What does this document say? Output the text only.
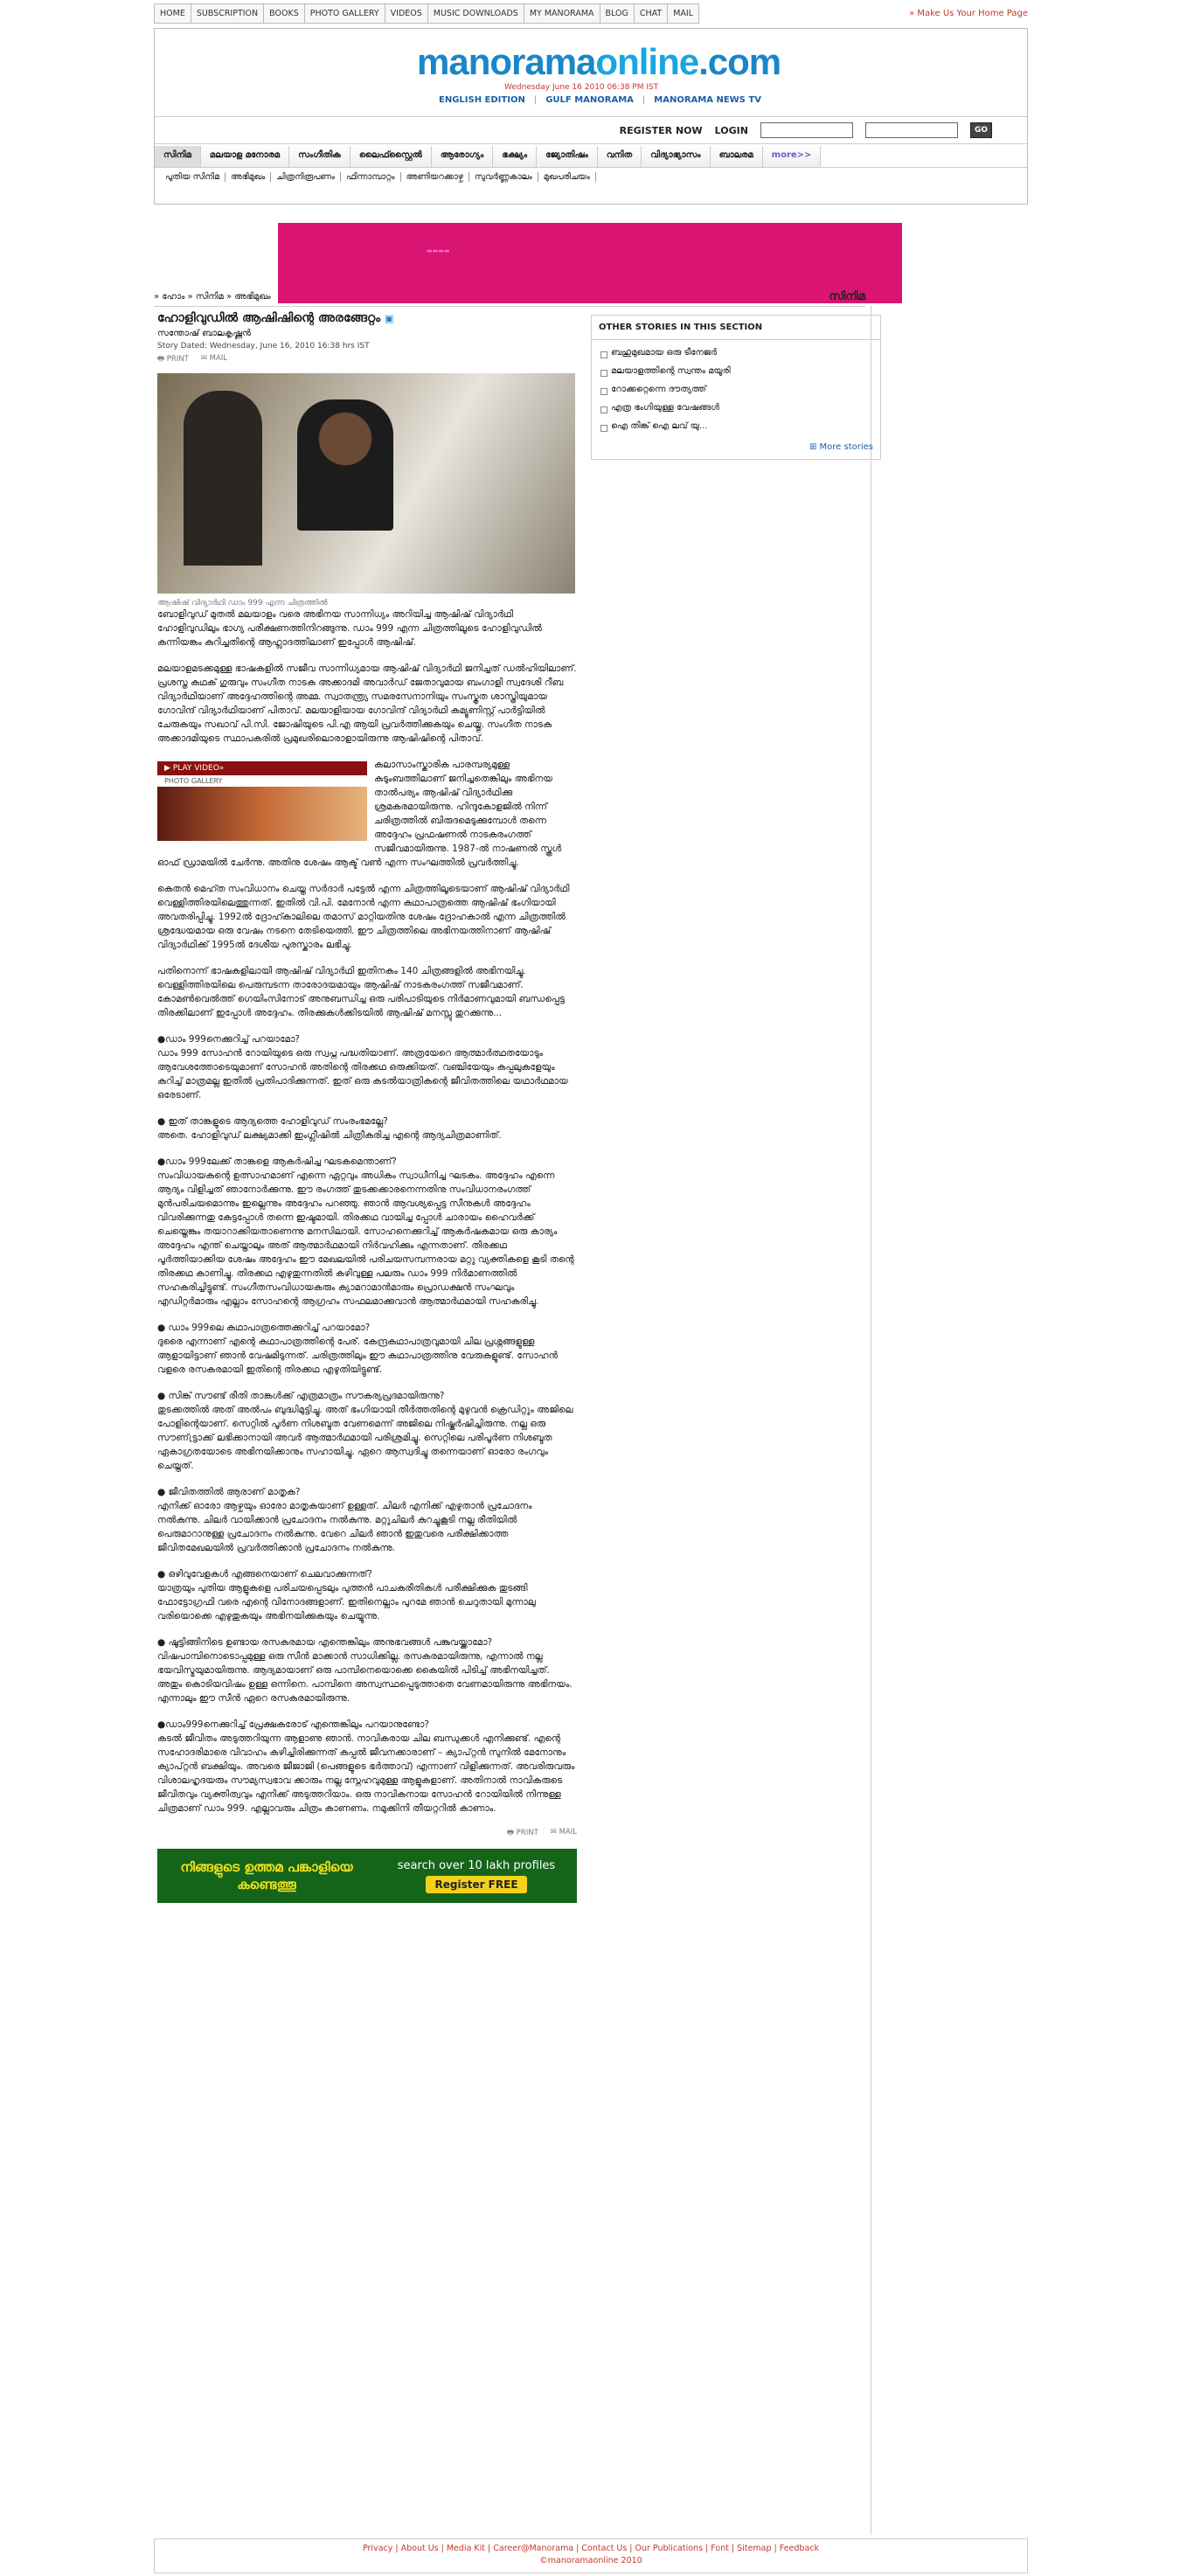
HOME	SUBSCRIPTION	BOOKS	PHOTO GALLERY	VIDEOS	MUSIC DOWNLOADS	MY MANORAMA	BLOG	CHAT	MAIL	» Make Us Your Home Page
manoramaonline.com
Wednesday June 16 2010 06:38 PM IST
ENGLISH EDITION | GULF MANORAMA | MANORAMA NEWS TV
REGISTER NOW LOGIN	GO
സിനിമ	മലയാള മനോരമ	സംഗീതിക	ലൈഫ്സ്റ്റൈൽ	ആരോഗ്യം	ഭക്ഷ്യം	ജ്യോതിഷം	വനിത	വിദ്യാഭ്യാസം	ബാലരമ	more>>
പുതിയ സിനിമ	അഭിമുഖം	ചിത്രനിരൂപണം	ഫിന്നാമ്പാറ്റം	അണിയറക്കാഴ്ച	സുവർണ്ണകാലം	മുഖപരിചയം
▬▬▬▬
» ഹോം » സിനിമ » അഭിമുഖം	സിനിമ
ഹോളിവുഡിൽ ആഷിഷിന്റെ അരങ്ങേറ്റം ▣
സന്തോഷ് ബാലകൃഷ്ണൻ
Story Dated: Wednesday, June 16, 2010 16:38 hrs IST
🖶 PRINT ✉ MAIL
ആഷിഷ് വിദ്യാർഥി ഡാം 999 എന്ന ചിത്രത്തിൽ

ബോളിവുഡ് മുതൽ മലയാളം വരെ അഭിനയ സാന്നിധ്യം അറിയിച്ച ആഷിഷ് വിദ്യാർഥി ഹോളിവുഡിലും ഭാഗ്യ പരീക്ഷണത്തിനിറങ്ങുന്നു. ഡാം 999 എന്ന ചിത്രത്തിലൂടെ ഹോളിവുഡിൽ കന്നിയങ്കം കുറിച്ചതിന്റെ ആഹ്ലാദത്തിലാണ് ഇപ്പോൾ ആഷിഷ്.

മലയാളമടക്കമുള്ള ഭാഷകളിൽ സജീവ സാന്നിധ്യമായ ആഷിഷ് വിദ്യാർഥി ജനിച്ചത് ഡൽഹിയിലാണ്. പ്രശസ്ത കഥക് ഗുരുവും സംഗീത നാടക അക്കാദമി അവാർഡ് ജേതാവുമായ ബംഗാളി സ്വദേശി റീബ വിദ്യാർഥിയാണ് അദ്ദേഹത്തിന്റെ അമ്മ. സ്വാതന്ത്ര്യ സമരസേനാനിയും സംസ്കൃത ശാസ്ത്രിയുമായ ഗോവിന്ദ് വിദ്യാർഥിയാണ് പിതാവ്. മലയാളിയായ ഗോവിന്ദ് വിദ്യാർഥി കമ്യൂണിസ്റ്റ് പാർട്ടിയിൽ ചേരുകയും സഖാവ് പി.സി. ജോഷിയുടെ പി.എ ആയി പ്രവർത്തിക്കുകയും ചെയ്തു. സംഗീത നാടക അക്കാദമിയുടെ സ്ഥാപകരിൽ പ്രമുഖരിലൊരാളായിരുന്നു ആഷിഷിന്റെ പിതാവ്.

▶ PLAY VIDEO»
PHOTO GALLERY

കലാസാംസ്കാരിക പാരമ്പര്യമുള്ള കുടുംബത്തിലാണ് ജനിച്ചതെങ്കിലും അഭിനയ താൽപര്യം ആഷിഷ് വിദ്യാർഥിക്കു ശ്രമകരമായിരുന്നു. ഹിന്ദുകോളജിൽ നിന്ന് ചരിത്രത്തിൽ ബിരുദമെടുക്കുമ്പോൾ തന്നെ അദ്ദേഹം പ്രഫഷണൽ നാടകരംഗത്ത് സജീവമായിരുന്നു. 1987-ൽ നാഷണൽ സ്കൂൾ ഓഫ് ഡ്രാമയിൽ ചേർന്നു. അതിനു ശേഷം ആക്ട് വൺ എന്ന സംഘത്തിൽ പ്രവർത്തിച്ചു.

കെതൻ മെഹ്ത സംവിധാനം ചെയ്ത സർദാർ പട്ടേൽ എന്ന ചിത്രത്തിലൂടെയാണ് ആഷിഷ് വിദ്യാർഥി വെള്ളിത്തിരയിലെത്തുന്നത്. ഇതിൽ വി.പി. മേനോൻ എന്ന കഥാപാത്രത്തെ ആഷിഷ് ഭംഗിയായി അവതരിപ്പിച്ചു. 1992ൽ ദ്രോഹ്കാലിലെ തമാസ് മാറ്റിയതിനു ശേഷം ദ്രോഹകാൽ എന്ന ചിത്രത്തിൽ ശ്രദ്ധേയമായ ഒരു വേഷം നടനെ തേടിയെത്തി. ഈ ചിത്രത്തിലെ അഭിനയത്തിനാണ് ആഷിഷ് വിദ്യാർഥിക്ക് 1995ൽ ദേശീയ പുരസ്കാരം ലഭിച്ചു.

പതിനൊന്ന് ഭാഷകളിലായി ആഷിഷ് വിദ്യാർഥി ഇതിനകം 140 ചിത്രങ്ങളിൽ അഭിനയിച്ചു. വെള്ളിത്തിരയിലെ പെരുമ്പടന്ന താരോദയമായും ആഷിഷ് നാടകരംഗത്ത് സജീവമാണ്. കോമൺവെൽത്ത് ഗെയിംസിനോട് അനുബന്ധിച്ച ഒരു പരിപാടിയുടെ നിർമാണവുമായി ബന്ധപ്പെട്ട തിരക്കിലാണ് ഇപ്പോൾ അദ്ദേഹം. തിരക്കുകൾക്കിടയിൽ ആഷിഷ് മനസ്സു തുറക്കുന്നു...

●ഡാം 999നെക്കുറിച്ച് പറയാമോ?
ഡാം 999 സോഹൻ റോയിയുടെ ഒരു സ്വപ്ന പദ്ധതിയാണ്. അത്രയേറെ ആത്മാർത്ഥതയോടും ആവേശത്തോടെയുമാണ് സോഹൻ അതിന്റെ തിരക്കഥ ഒരുക്കിയത്. വഞ്ചിയേയും കപ്പലുകളേയും കുറിച്ച് മാത്രമല്ല ഇതിൽ പ്രതിപാദിക്കുന്നത്. ഇത് ഒരു കടൽയാത്രികന്റെ ജീവിതത്തിലെ യഥാർഥമായ ഒരേടാണ്.

● ഇത് താങ്കളുടെ ആദ്യത്തെ ഹോളിവുഡ് സംരംഭമല്ലേ?
അതെ. ഹോളിവുഡ് ലക്ഷ്യമാക്കി ഇംഗ്ലീഷിൽ ചിത്രീകരിച്ച എന്റെ ആദ്യചിത്രമാണിത്.

●ഡാം 999ലേക്ക് താങ്കളെ ആകർഷിച്ച ഘടകമെന്താണ്?
സംവിധായകന്റെ ഉത്സാഹമാണ് എന്നെ ഏറ്റവും അധികം സ്വാധീനിച്ച ഘടകം. അദ്ദേഹം എന്നെ ആദ്യം വിളിച്ചത് ഞാനോർക്കുന്നു. ഈ രംഗത്ത് തുടക്കക്കാരനെന്നതിനു സംവിധാനരംഗത്ത് മുൻപരിചയമൊന്നും ഇല്ലെന്നും അദ്ദേഹം പറഞ്ഞു. ഞാൻ ആവശ്യപ്പെട്ട സീനുകൾ അദ്ദേഹം വിവരിക്കുന്നതു കേട്ടപ്പോൾ തന്നെ ഇഷ്ടമായി. തിരക്കഥ വായിച്ച പ്പോൾ ചാരായം ഹൈവർക്ക് ചെയ്തെങ്കും തയാറാക്കിയതാണെന്നു മനസിലായി. സോഹനെക്കുറിച്ച് ആകർഷകമായ ഒരു കാര്യം അദ്ദേഹം എന്ത് ചെയ്താലും അത് ആത്മാർഥമായി നിർവഹിക്കും എന്നതാണ്. തിരക്കഥ പൂർത്തിയാക്കിയ ശേഷം അദ്ദേഹം ഈ മേഖലയിൽ പരിചയസമ്പന്നരായ മറ്റു വ്യക്തികളെ കൂടി തന്റെ തിരക്കഥ കാണിച്ചു. തിരക്കഥ എഴുതുന്നതിൽ കഴിവുള്ള പലരും ഡാം 999 നിർമാണത്തിൽ സഹകരിച്ചിട്ടുണ്ട്. സംഗീതസംവിധായകരും ക്യാമറാമാൻമാരും പ്രൊഡക്ഷൻ സംഘവും എഡിറ്റർമാരും എല്ലാം സോഹന്റെ ആഗ്രഹം സഫലമാക്കുവാൻ ആത്മാർഥമായി സഹകരിച്ചു.

● ഡാം 999ലെ കഥാപാത്രത്തെക്കുറിച്ച് പറയാമോ?
ദുരൈ എന്നാണ് എന്റെ കഥാപാത്രത്തിന്റെ പേര്. കേന്ദ്രകഥാപാത്രവുമായി ചില പ്രശ്നങ്ങളുള്ള ആളായിട്ടാണ് ഞാൻ വേഷമിടുന്നത്. ചരിത്രത്തിലും ഈ കഥാപാത്രത്തിനു വേരുകളുണ്ട്. സോഹൻ വളരെ രസകരമായി ഇതിന്റെ തിരക്കഥ എഴുതിയിട്ടുണ്ട്.

● സിങ്ക് സൗണ്ട് രീതി താങ്കൾക്ക് എത്രമാത്രം സൗകര്യപ്രദമായിരുന്നു?
തുടക്കത്തിൽ അത് അൽപം ബുദ്ധിമുട്ടിച്ചു. അത് ഭംഗിയായി തീർത്തതിന്റെ മുഴുവൻ ക്രെഡിറ്റും അജിലെ പോളിന്റെയാണ്. സെറ്റിൽ പൂർണ നിശബ്ദത വേണമെന്ന് അജിലെ നിഷ്കർഷിച്ചിരുന്നു. നല്ല ഒരു സൗണ്ട്ട്രാക്ക് ലഭിക്കാനായി അവർ ആത്മാർഥമായി പരിശ്രമിച്ചു. സെറ്റിലെ പരിപൂർണ നിശബ്ദത ഏകാഗ്രതയോടെ അഭിനയിക്കാനും സഹായിച്ചു. ഏറെ ആസ്വദിച്ചു തന്നെയാണ് ഓരോ രംഗവും ചെയ്തത്.

● ജീവിതത്തിൽ ആരാണ് മാതൃക?
എനിക്ക് ഓരോ ആഴ്ചയും ഓരോ മാതൃകയാണ് ഉള്ളത്. ചിലർ എനിക്ക് എഴുതാൻ പ്രചോദനം നൽകുന്നു. ചിലർ വായിക്കാൻ പ്രചോദനം നൽകുന്നു. മറ്റുചിലർ കുറച്ചുകൂടി നല്ല രീതിയിൽ പെരുമാറാനുള്ള പ്രചോദനം നൽകുന്നു. വേറെ ചിലർ ഞാൻ ഇതുവരെ പരീക്ഷിക്കാത്ത ജീവിതമേഖലയിൽ പ്രവർത്തിക്കാൻ പ്രചോദനം നൽകുന്നു.

● ഒഴിവുവേളകൾ എങ്ങനെയാണ് ചെലവാക്കുന്നത്?
യാത്രയും പുതിയ ആളുകളെ പരിചയപ്പെടലും പുത്തൻ പാചകരീതികൾ പരീക്ഷിക്കുക തുടങ്ങി ഫോട്ടോഗ്രഫി വരെ എന്റെ വിനോദങ്ങളാണ്. ഇതിനെല്ലാം പുറമേ ഞാൻ ചെറുതായി മുന്നാലു വരിയൊക്കെ എഴുതുകയും അഭിനയിക്കുകയും ചെയ്യുന്നു.

● ഷൂട്ടിങ്ങിനിടെ ഉണ്ടായ രസകരമായ എന്തെങ്കിലും അനുഭവങ്ങൾ പങ്കുവയ്ക്കാമോ?
വിഷപാമ്പിനൊടൊപ്പമുള്ള ഒരു സീൻ മാക്കാൻ സാധിക്കില്ല. രസകരമായിരുന്നു, എന്നാൽ നല്ല ഭയവിസ്മയുമായിരുന്നു. ആദ്യമായാണ് ഒരു പാമ്പിനെയൊക്കെ കൈയിൽ പിടിച്ച് അഭിനയിച്ചത്. അതും കൊടിയവിഷം ഉള്ള ഒന്നിനെ. പാമ്പിനെ അസ്വസ്ഥപ്പെടുത്താതെ വേണമായിരുന്നു അഭിനയം. എന്നാലും ഈ സീൻ ഏറെ രസകരമായിരുന്നു.

●ഡാം999നെക്കുറിച്ച് പ്രേക്ഷകരോട് എന്തെങ്കിലും പറയാനുണ്ടോ?
കടൽ ജീവിതം അടുത്തറിയുന്ന ആളാണു ഞാൻ. നാവികരായ ചില ബന്ധുക്കൾ എനിക്കുണ്ട്. എന്റെ സഹോദരിമാരെ വിവാഹം കഴിച്ചിരിക്കുന്നത് കപ്പൽ ജീവനക്കാരാണ് – ക്യാപ്റ്റൻ സുനിൽ മേനോനും ക്യാപ്റ്റൻ ബക്ഷിയും. അവരെ ജീജാജി (പെങ്ങളുടെ ഭർത്താവ്) എന്നാണ് വിളിക്കുന്നത്. അവരിരുവരും വിശാലഹൃദയരും സൗമ്യസ്വഭാവ ക്കാരും നല്ല സ്നേഹവുമുള്ള ആളുകളാണ്. അതിനാൽ നാവികരുടെ ജീവിതവും വ്യക്തിത്വവും എനിക്ക് അടുത്തറിയാം. ഒരു നാവികനായ സോഹൻ റോയിയിൽ നിന്നുള്ള ചിത്രമാണ് ഡാം 999. എല്ലാവരും ചിത്രം കാണണം. നമുക്കിനി തീയറ്ററിൽ കാണാം.

🖶 PRINT ✉ MAIL
നിങ്ങളുടെ ഉത്തമ പങ്കാളിയെ കണ്ടെത്തൂ
search over 10 lakh profiles
Register FREE
OTHER STORIES IN THIS SECTION
ബഹുമുഖമായ ഒരു ടീനേജർ
മലയാളത്തിന്റെ സ്വന്തം മയൂരി
റോക്കറ്റെന്നെ ദൗത്യത്ത്
എത്ര ഭംഗിയുള്ള വേഷങ്ങൾ
ഐ തിങ്ക് ഐ ലവ് യു...
⊞ More stories
Privacy | About Us | Media Kit | Career@Manorama | Contact Us | Our Publications | Font | Sitemap | Feedback
©manoramaonline 2010
